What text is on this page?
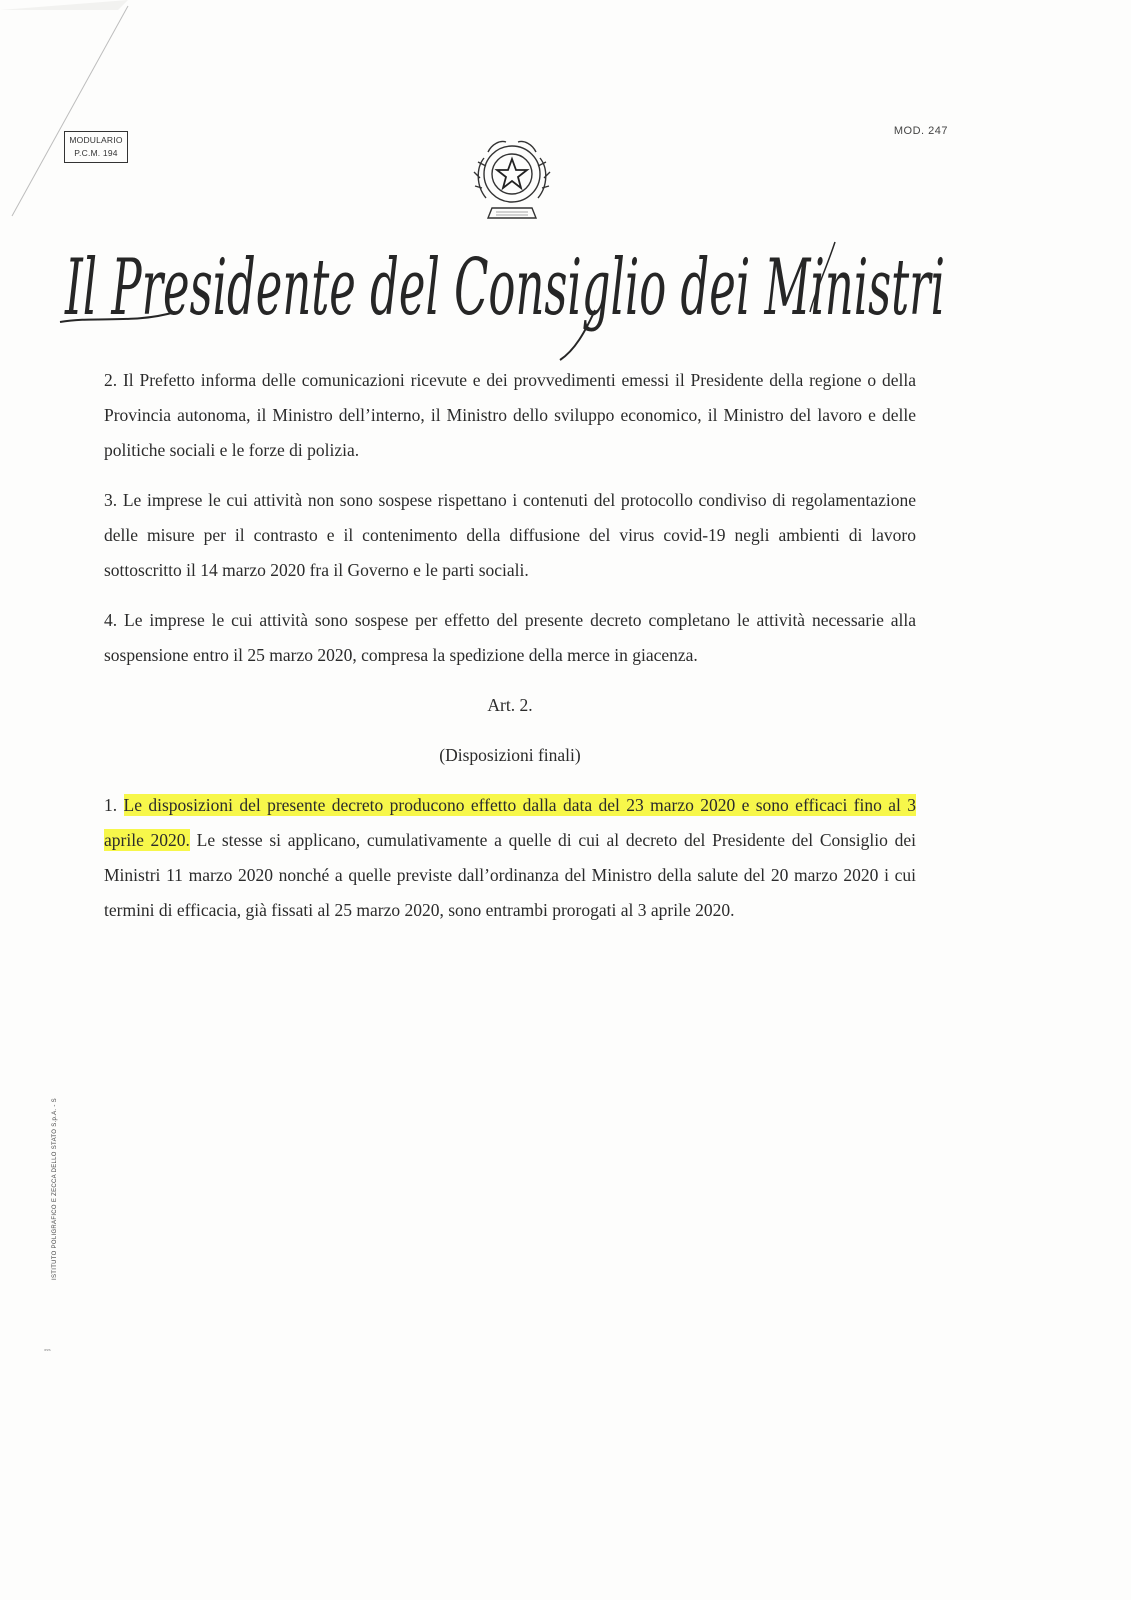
MODULARIO
P.C.M. 194
MOD. 247
Il Presidente del Consiglio dei Ministri

2. Il Prefetto informa delle comunicazioni ricevute e dei provvedimenti emessi il Presidente della regione o della Provincia autonoma, il Ministro dell’interno, il Ministro dello sviluppo economico, il Ministro del lavoro e delle politiche sociali e le forze di polizia.

3. Le imprese le cui attività non sono sospese rispettano i contenuti del protocollo condiviso di regolamentazione delle misure per il contrasto e il contenimento della diffusione del virus covid-19 negli ambienti di lavoro sottoscritto il 14 marzo 2020 fra il Governo e le parti sociali.

4. Le imprese le cui attività sono sospese per effetto del presente decreto completano le attività necessarie alla sospensione entro il 25 marzo 2020, compresa la spedizione della merce in giacenza.

Art. 2.

(Disposizioni finali)

1. Le disposizioni del presente decreto producono effetto dalla data del 23 marzo 2020 e sono efficaci fino al 3 aprile 2020. Le stesse si applicano, cumulativamente a quelle di cui al decreto del Presidente del Consiglio dei Ministri 11 marzo 2020 nonché a quelle previste dall’ordinanza del Ministro della salute del 20 marzo 2020 i cui termini di efficacia, già fissati al 25 marzo 2020, sono entrambi prorogati al 3 aprile 2020.

ISTITUTO POLIGRAFICO E ZECCA DELLO STATO S.p.A. - S
IPZS
